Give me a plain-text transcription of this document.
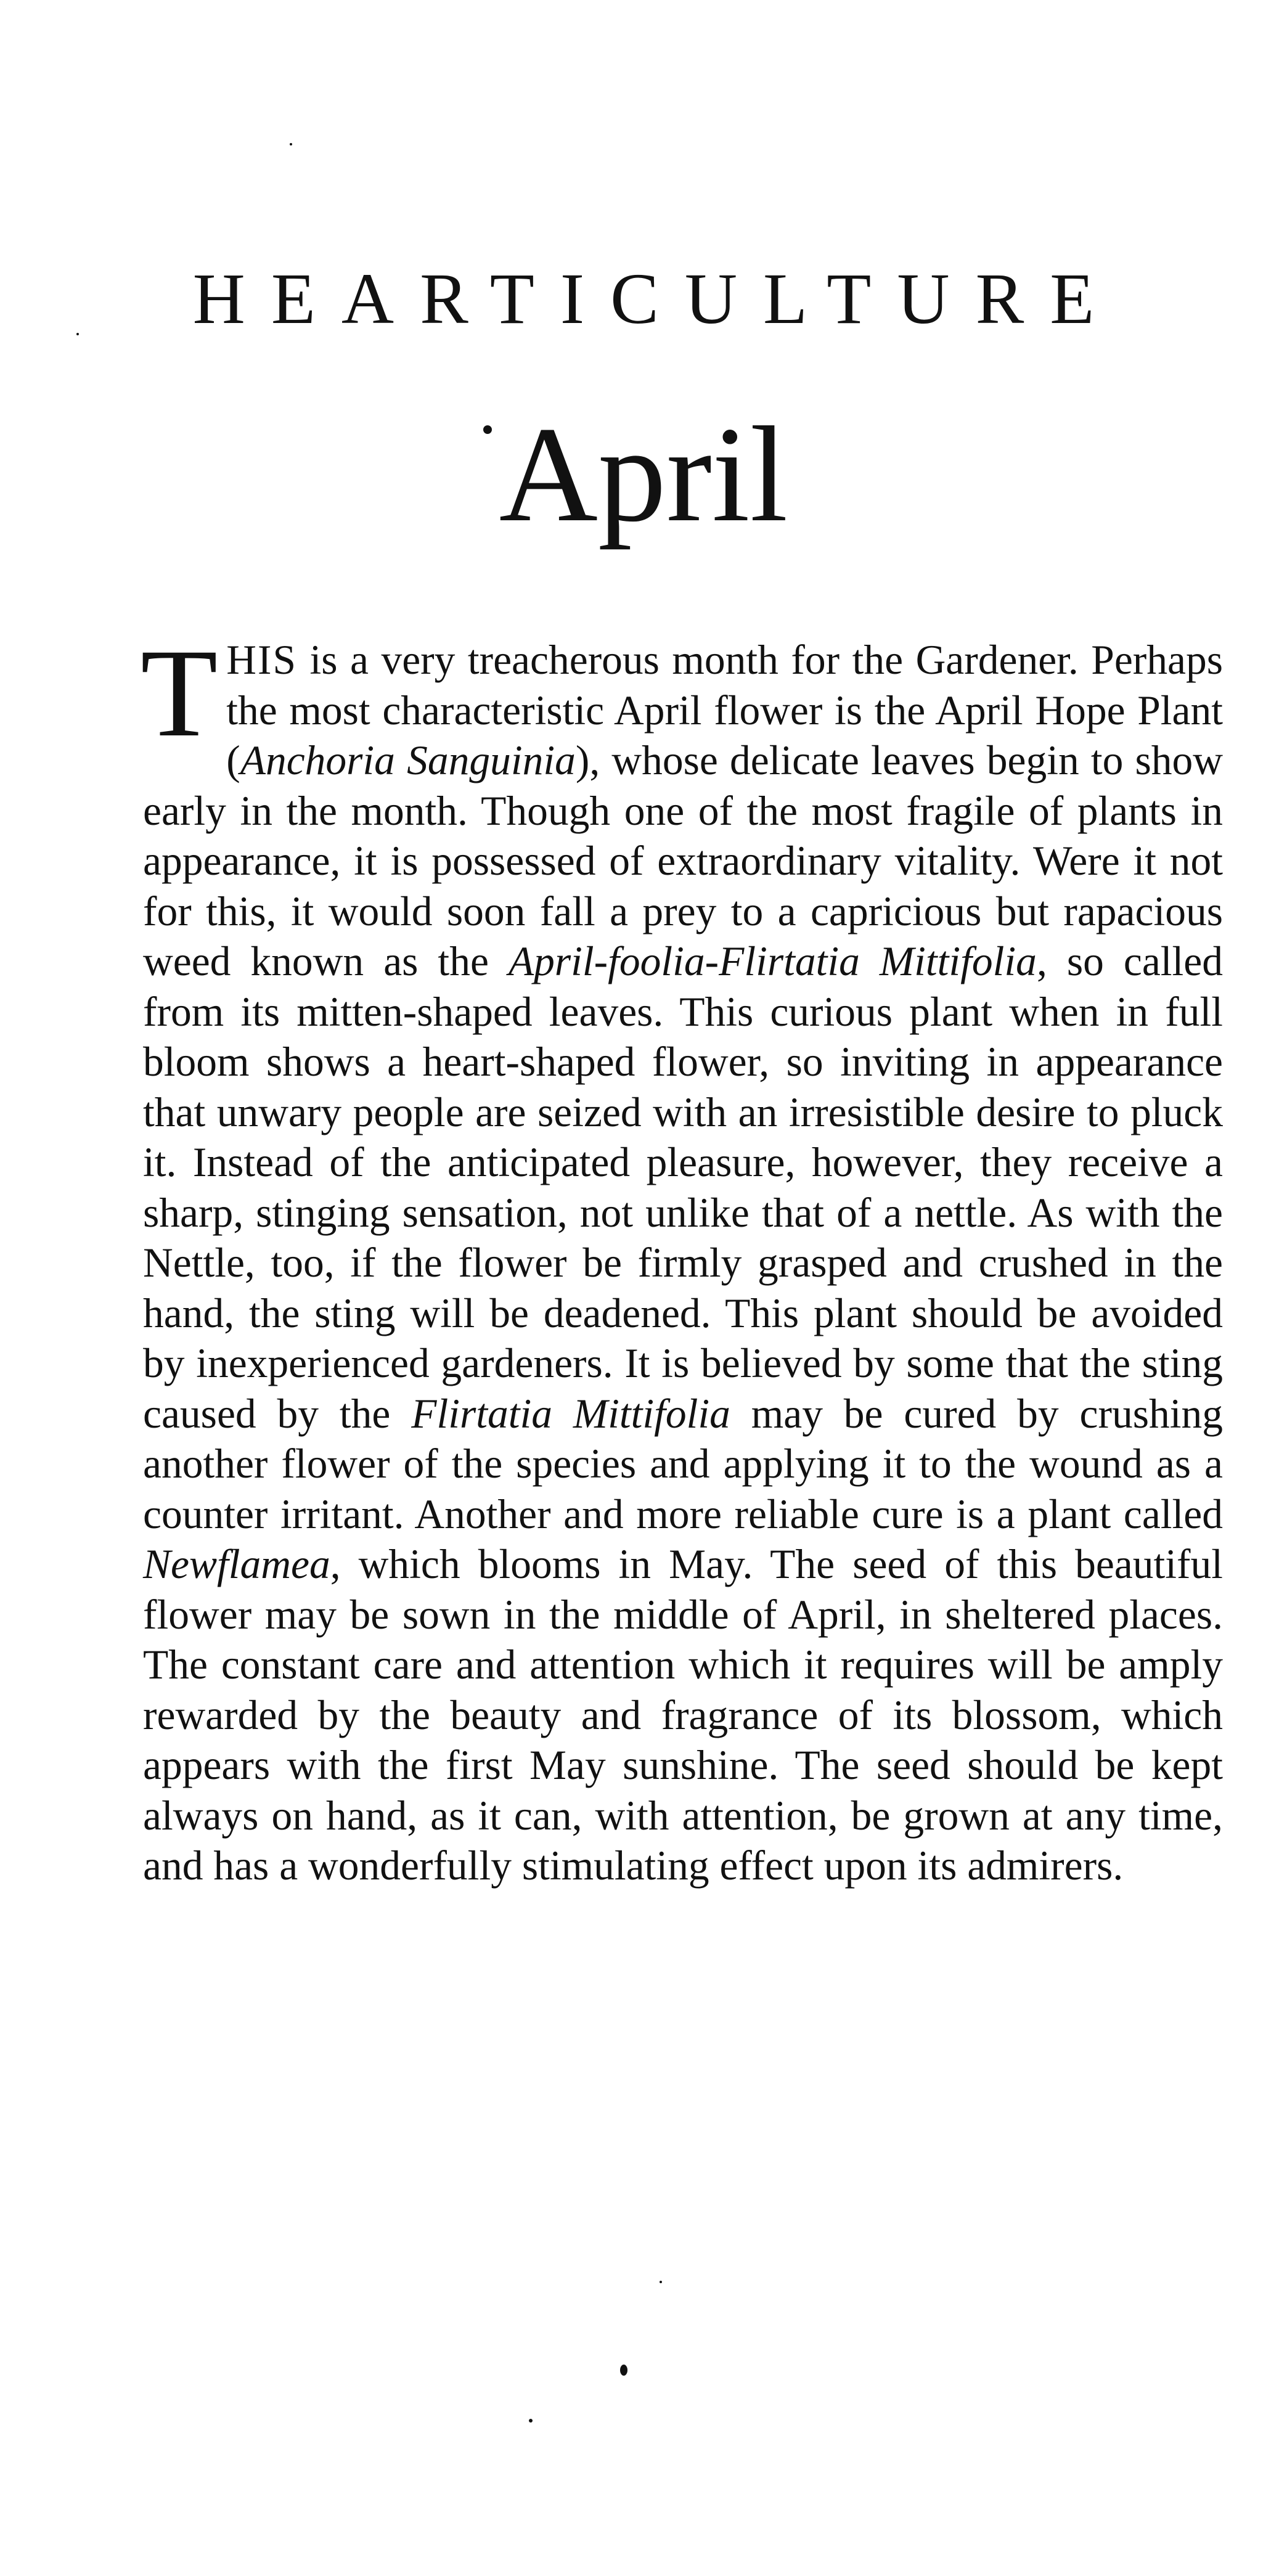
HEARTICULTURE
April

THIS is a very treacherous month for the Gardener. Perhaps the most characteristic April flower is the April Hope Plant (Anchoria Sanguinia), whose delicate leaves begin to show early in the month. Though one of the most fragile of plants in appearance, it is possessed of extraordinary vitality. Were it not for this, it would soon fall a prey to a capricious but rapacious weed known as the April-foolia-Flirtatia Mittifolia, so called from its mitten-shaped leaves. This curious plant when in full bloom shows a heart-shaped flower, so inviting in appearance that unwary people are seized with an irresistible desire to pluck it. Instead of the anticipated pleasure, however, they receive a sharp, stinging sensation, not unlike that of a nettle. As with the Nettle, too, if the flower be firmly grasped and crushed in the hand, the sting will be deadened. This plant should be avoided by inexperienced gardeners. It is believed by some that the sting caused by the Flirtatia Mittifolia may be cured by crushing another flower of the species and applying it to the wound as a counter irritant. Another and more reliable cure is a plant called Newflamea, which blooms in May. The seed of this beautiful flower may be sown in the middle of April, in sheltered places. The constant care and attention which it requires will be amply rewarded by the beauty and fragrance of its blossom, which appears with the first May sunshine. The seed should be kept always on hand, as it can, with attention, be grown at any time, and has a wonderfully stimulating effect upon its admirers.
